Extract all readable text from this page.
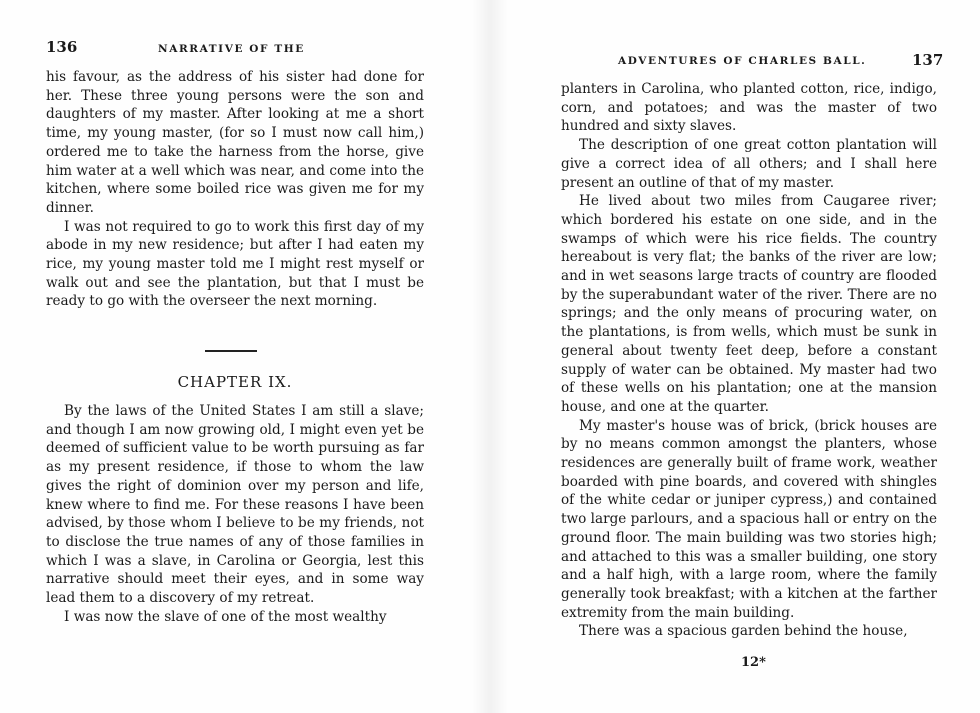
136	NARRATIVE OF THE

his favour, as the address of his sister had done for her. These three young persons were the son and daughters of my master. After looking at me a short time, my young master, (for so I must now call him,) ordered me to take the harness from the horse, give him water at a well which was near, and come into the kitchen, where some boiled rice was given me for my dinner.

I was not required to go to work this first day of my abode in my new residence; but after I had eaten my rice, my young master told me I might rest myself or walk out and see the plantation, but that I must be ready to go with the overseer the next morning.

CHAPTER IX.

By the laws of the United States I am still a slave; and though I am now growing old, I might even yet be deemed of sufficient value to be worth pursuing as far as my present residence, if those to whom the law gives the right of dominion over my person and life, knew where to find me. For these reasons I have been advised, by those whom I believe to be my friends, not to disclose the true names of any of those families in which I was a slave, in Carolina or Georgia, lest this narrative should meet their eyes, and in some way lead them to a discovery of my retreat.

I was now the slave of one of the most wealthy

ADVENTURES OF CHARLES BALL.	137

planters in Carolina, who planted cotton, rice, indigo, corn, and potatoes; and was the master of two hundred and sixty slaves.

The description of one great cotton plantation will give a correct idea of all others; and I shall here present an outline of that of my master.

He lived about two miles from Caugaree river; which bordered his estate on one side, and in the swamps of which were his rice fields. The country hereabout is very flat; the banks of the river are low; and in wet seasons large tracts of country are flooded by the superabundant water of the river. There are no springs; and the only means of procuring water, on the plantations, is from wells, which must be sunk in general about twenty feet deep, before a constant supply of water can be obtained. My master had two of these wells on his plantation; one at the mansion house, and one at the quarter.

My master's house was of brick, (brick houses are by no means common amongst the planters, whose residences are generally built of frame work, weather boarded with pine boards, and covered with shingles of the white cedar or juniper cypress,) and contained two large parlours, and a spacious hall or entry on the ground floor. The main building was two stories high; and attached to this was a smaller building, one story and a half high, with a large room, where the family generally took breakfast; with a kitchen at the farther extremity from the main building.

There was a spacious garden behind the house,

12*
